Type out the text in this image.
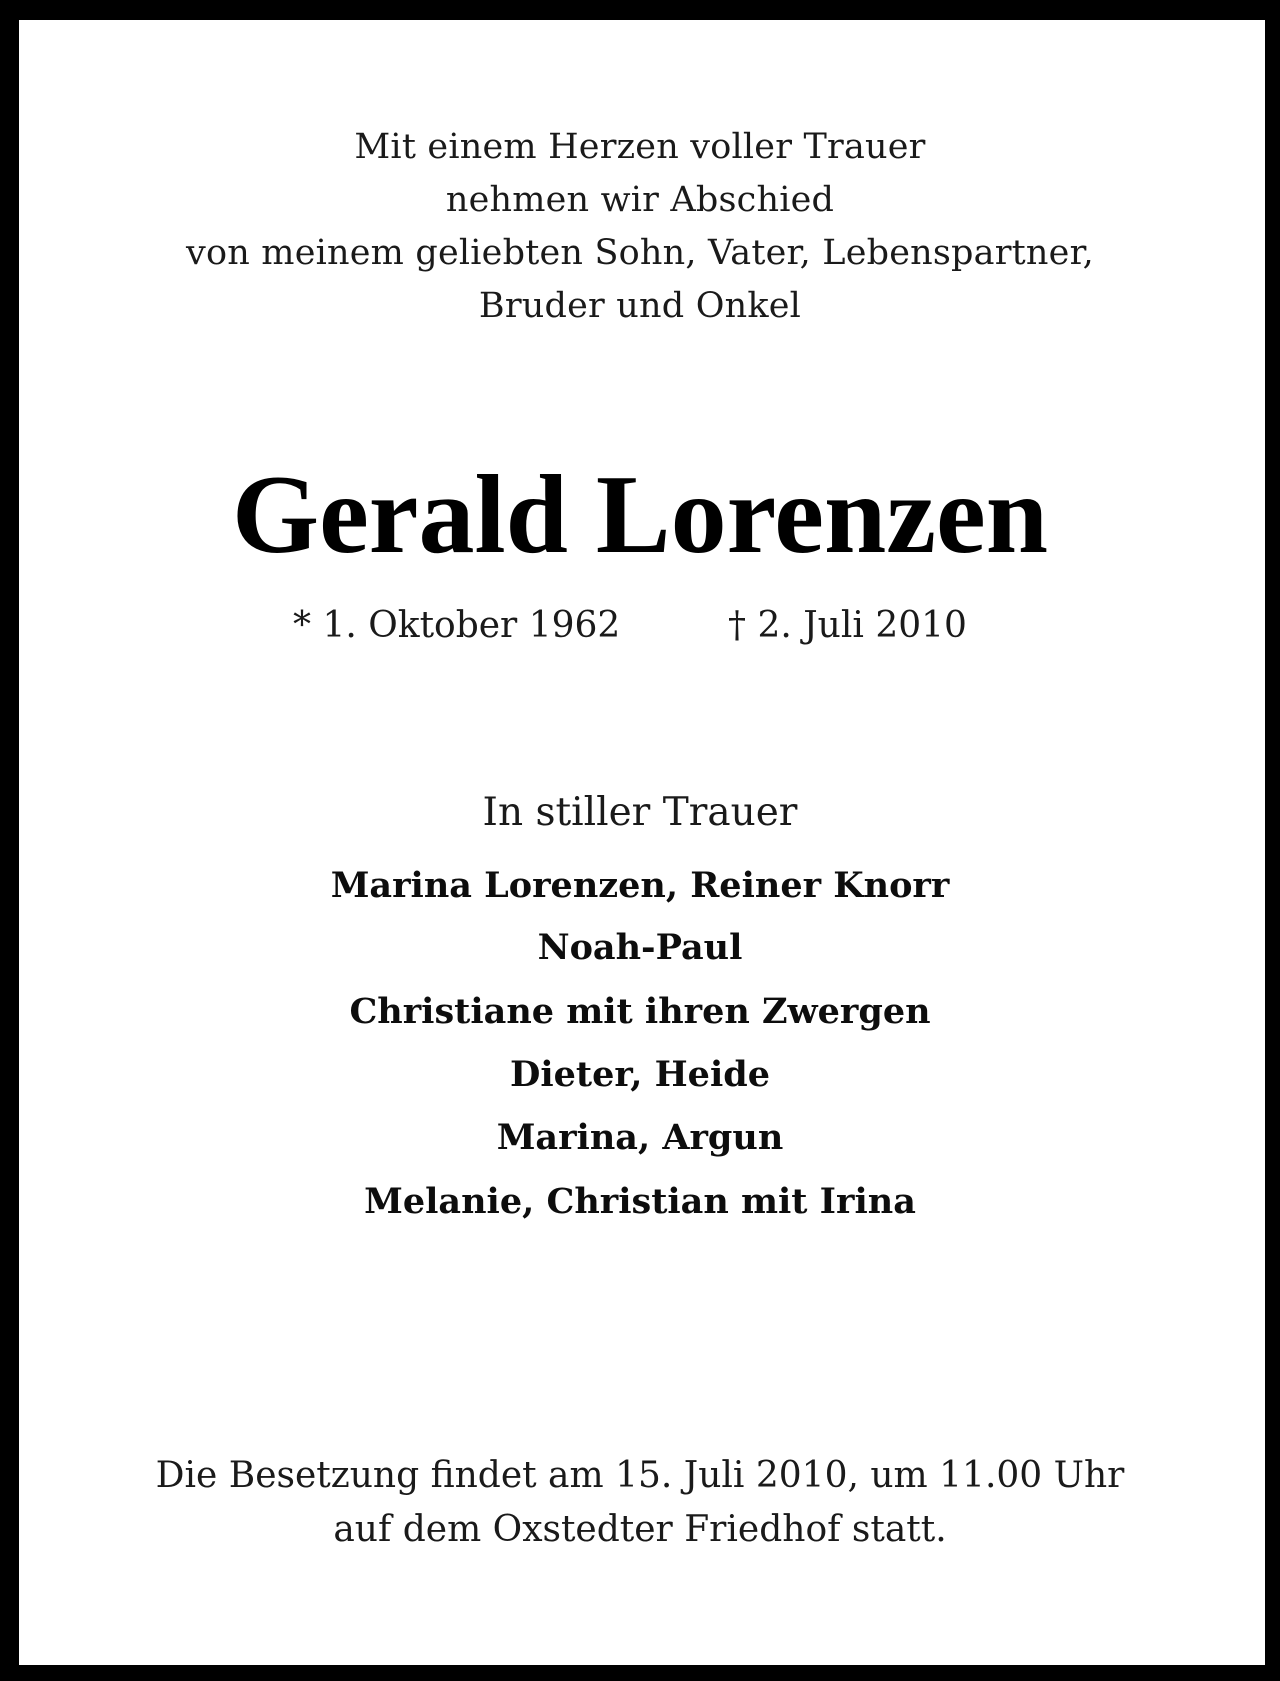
Mit einem Herzen voller Trauer
nehmen wir Abschied
von meinem geliebten Sohn, Vater, Lebenspartner,
Bruder und Onkel
Gerald Lorenzen
* 1. Oktober 1962	† 2. Juli 2010
In stiller Trauer
Marina Lorenzen, Reiner Knorr
Noah-Paul
Christiane mit ihren Zwergen
Dieter, Heide
Marina, Argun
Melanie, Christian mit Irina
Die Besetzung findet am 15. Juli 2010, um 11.00 Uhr
auf dem Oxstedter Friedhof statt.
